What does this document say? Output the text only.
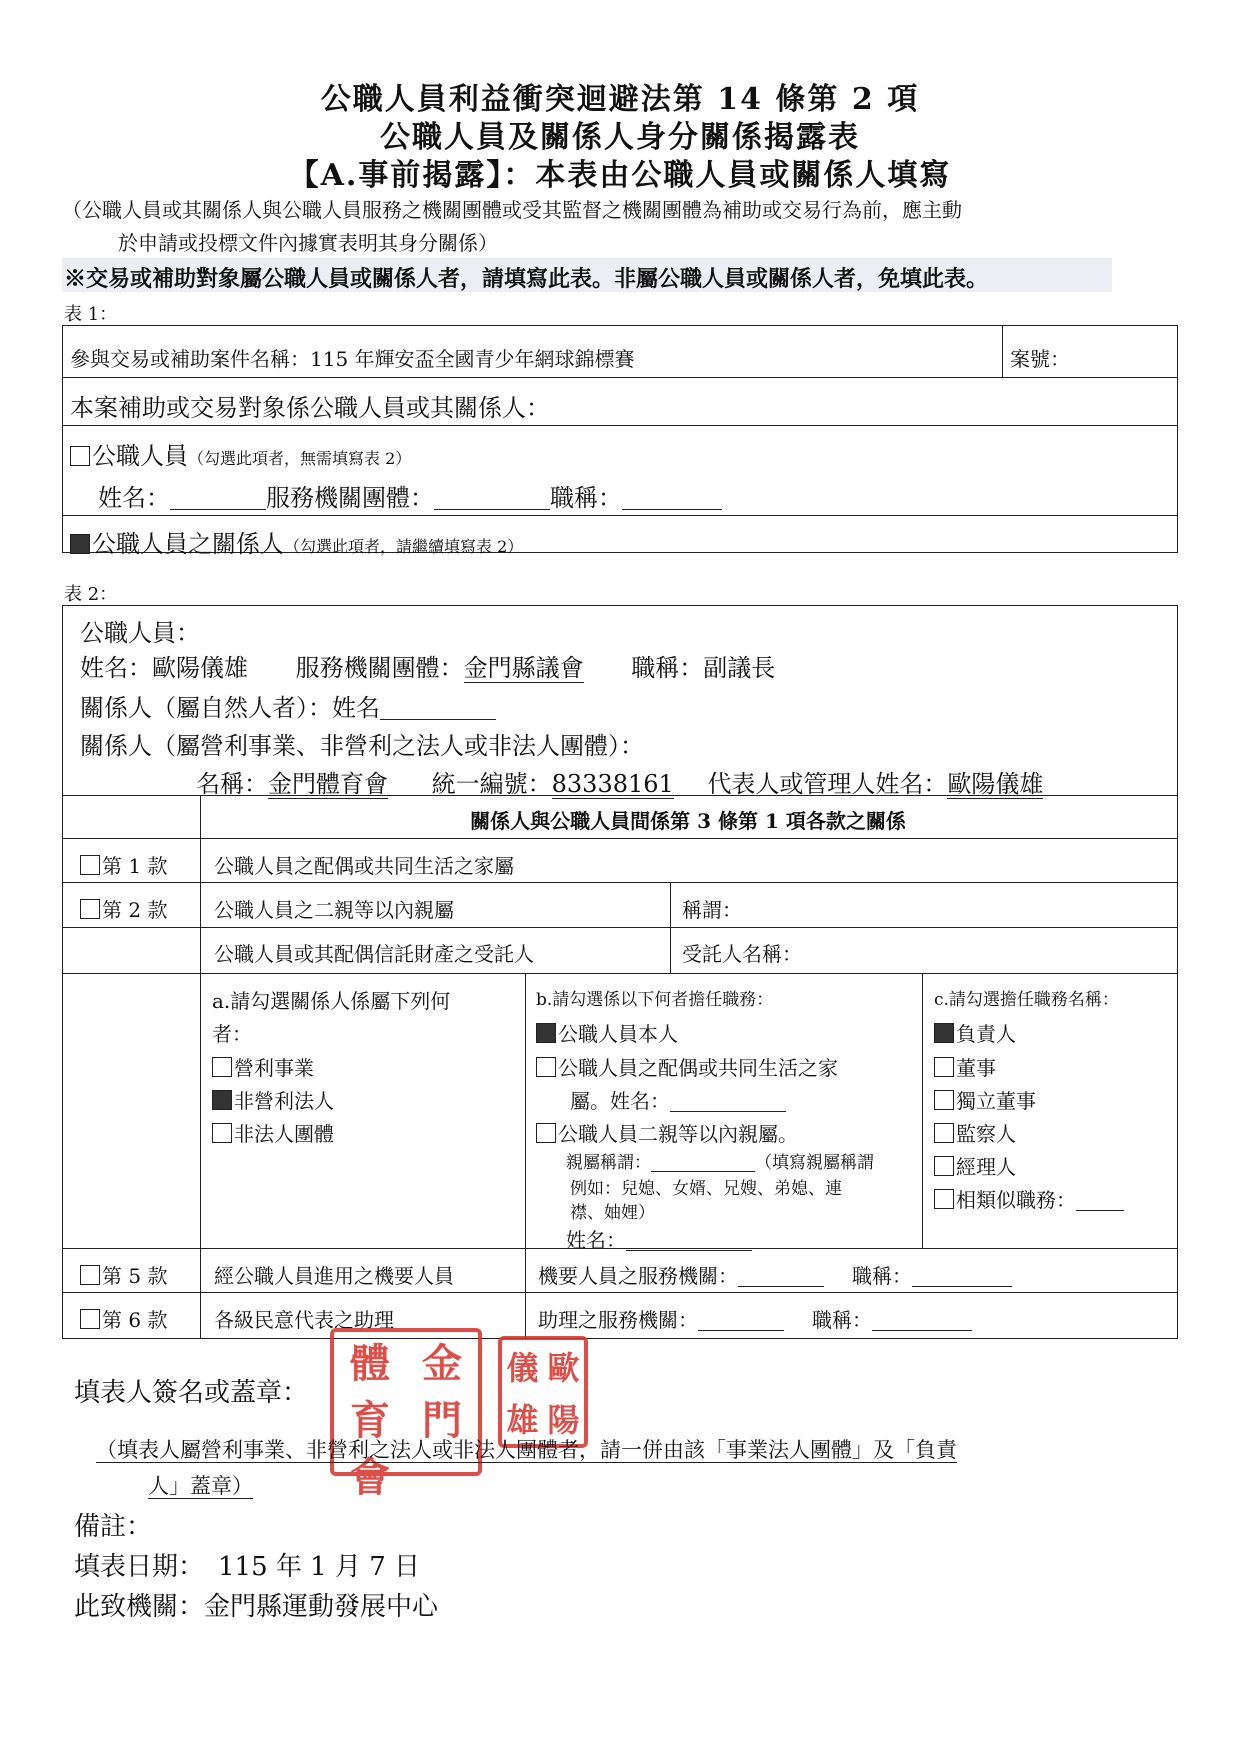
公職人員利益衝突迴避法第 14 條第 2 項
公職人員及關係人身分關係揭露表
【A.事前揭露】：本表由公職人員或關係人填寫
（公職人員或其關係人與公職人員服務之機關團體或受其監督之機關團體為補助或交易行為前，應主動
於申請或投標文件內據實表明其身分關係）
※交易或補助對象屬公職人員或關係人者，請填寫此表。非屬公職人員或關係人者，免填此表。
表 1：
參與交易或補助案件名稱：115 年輝安盃全國青少年網球錦標賽	案號：
本案補助或交易對象係公職人員或其關係人：
公職人員（勾選此項者，無需填寫表 2）
姓名：	服務機關團體：	職稱：
公職人員之關係人（勾選此項者，請繼續填寫表 2）
表 2：
公職人員：
姓名：歐陽儀雄 服務機關團體：金門縣議會 職稱：副議長
關係人（屬自然人者）：姓名
關係人（屬營利事業、非營利之法人或非法人團體）：
名稱：金門體育會 統一編號：83338161 代表人或管理人姓名：歐陽儀雄
關係人與公職人員間係第 3 條第 1 項各款之關係
第 1 款 公職人員之配偶或共同生活之家屬
第 2 款 公職人員之二親等以內親屬	稱謂：
公職人員或其配偶信託財產之受託人	受託人名稱：
a.請勾選關係人係屬下列何
者：
營利事業
非營利法人
非法人團體
b.請勾選係以下何者擔任職務：
公職人員本人
公職人員之配偶或共同生活之家
屬。姓名：
公職人員二親等以內親屬。
親屬稱謂：	（填寫親屬稱謂
例如：兒媳、女婿、兄嫂、弟媳、連
襟、妯娌）
姓名：
c.請勾選擔任職務名稱：
負責人
董事
獨立董事
監察人
經理人
相類似職務：
第 5 款 經公職人員進用之機要人員	機要人員之服務機關：	職稱：
第 6 款 各級民意代表之助理	助理之服務機關：	職稱：
填表人簽名或蓋章：
體 金
育 門
會
儀 歐
雄 陽
（填表人屬營利事業、非營利之法人或非法人團體者，請一併由該「事業法人團體」及「負責
人」蓋章）
備註：
填表日期： 115 年 1 月 7 日
此致機關：金門縣運動發展中心
